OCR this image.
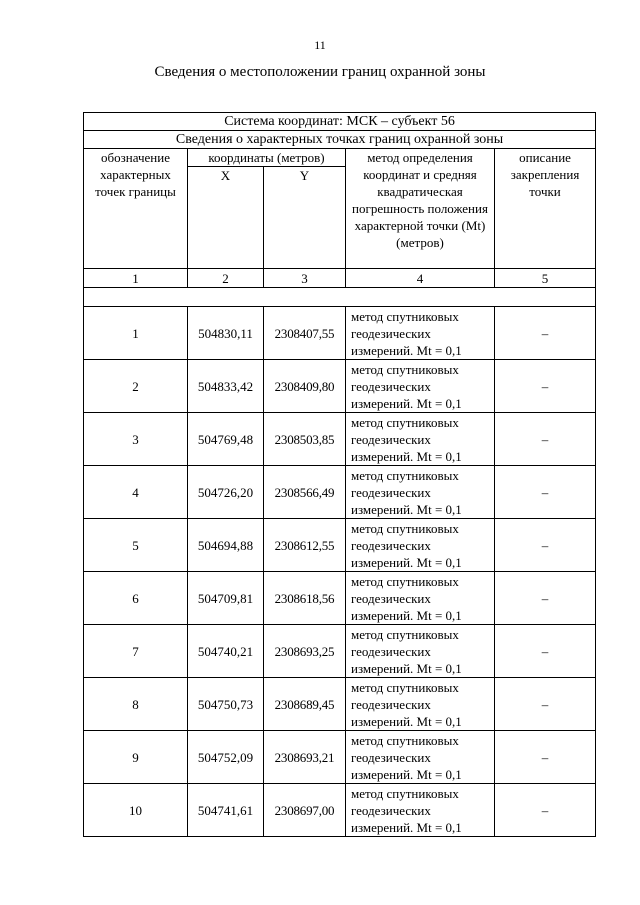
11
Сведения о местоположении границ охранной зоны
Система координат: МСК – субъект 56				
Сведения о характерных точках границ охранной зоны				
обозначение характерных точек границы	координаты (метров)		метод определения координат и средняя квадратическая погрешность положения характерной точки (Mt) (метров)	описание закрепления точки
	X	Y		
1	2	3	4	5

1	504830,11	2308407,55	метод спутниковых
геодезических
измерений. Mt = 0,1	–
2	504833,42	2308409,80	метод спутниковых
геодезических
измерений. Mt = 0,1	–
3	504769,48	2308503,85	метод спутниковых
геодезических
измерений. Mt = 0,1	–
4	504726,20	2308566,49	метод спутниковых
геодезических
измерений. Mt = 0,1	–
5	504694,88	2308612,55	метод спутниковых
геодезических
измерений. Mt = 0,1	–
6	504709,81	2308618,56	метод спутниковых
геодезических
измерений. Mt = 0,1	–
7	504740,21	2308693,25	метод спутниковых
геодезических
измерений. Mt = 0,1	–
8	504750,73	2308689,45	метод спутниковых
геодезических
измерений. Mt = 0,1	–
9	504752,09	2308693,21	метод спутниковых
геодезических
измерений. Mt = 0,1	–
10	504741,61	2308697,00	метод спутниковых
геодезических
измерений. Mt = 0,1	–
